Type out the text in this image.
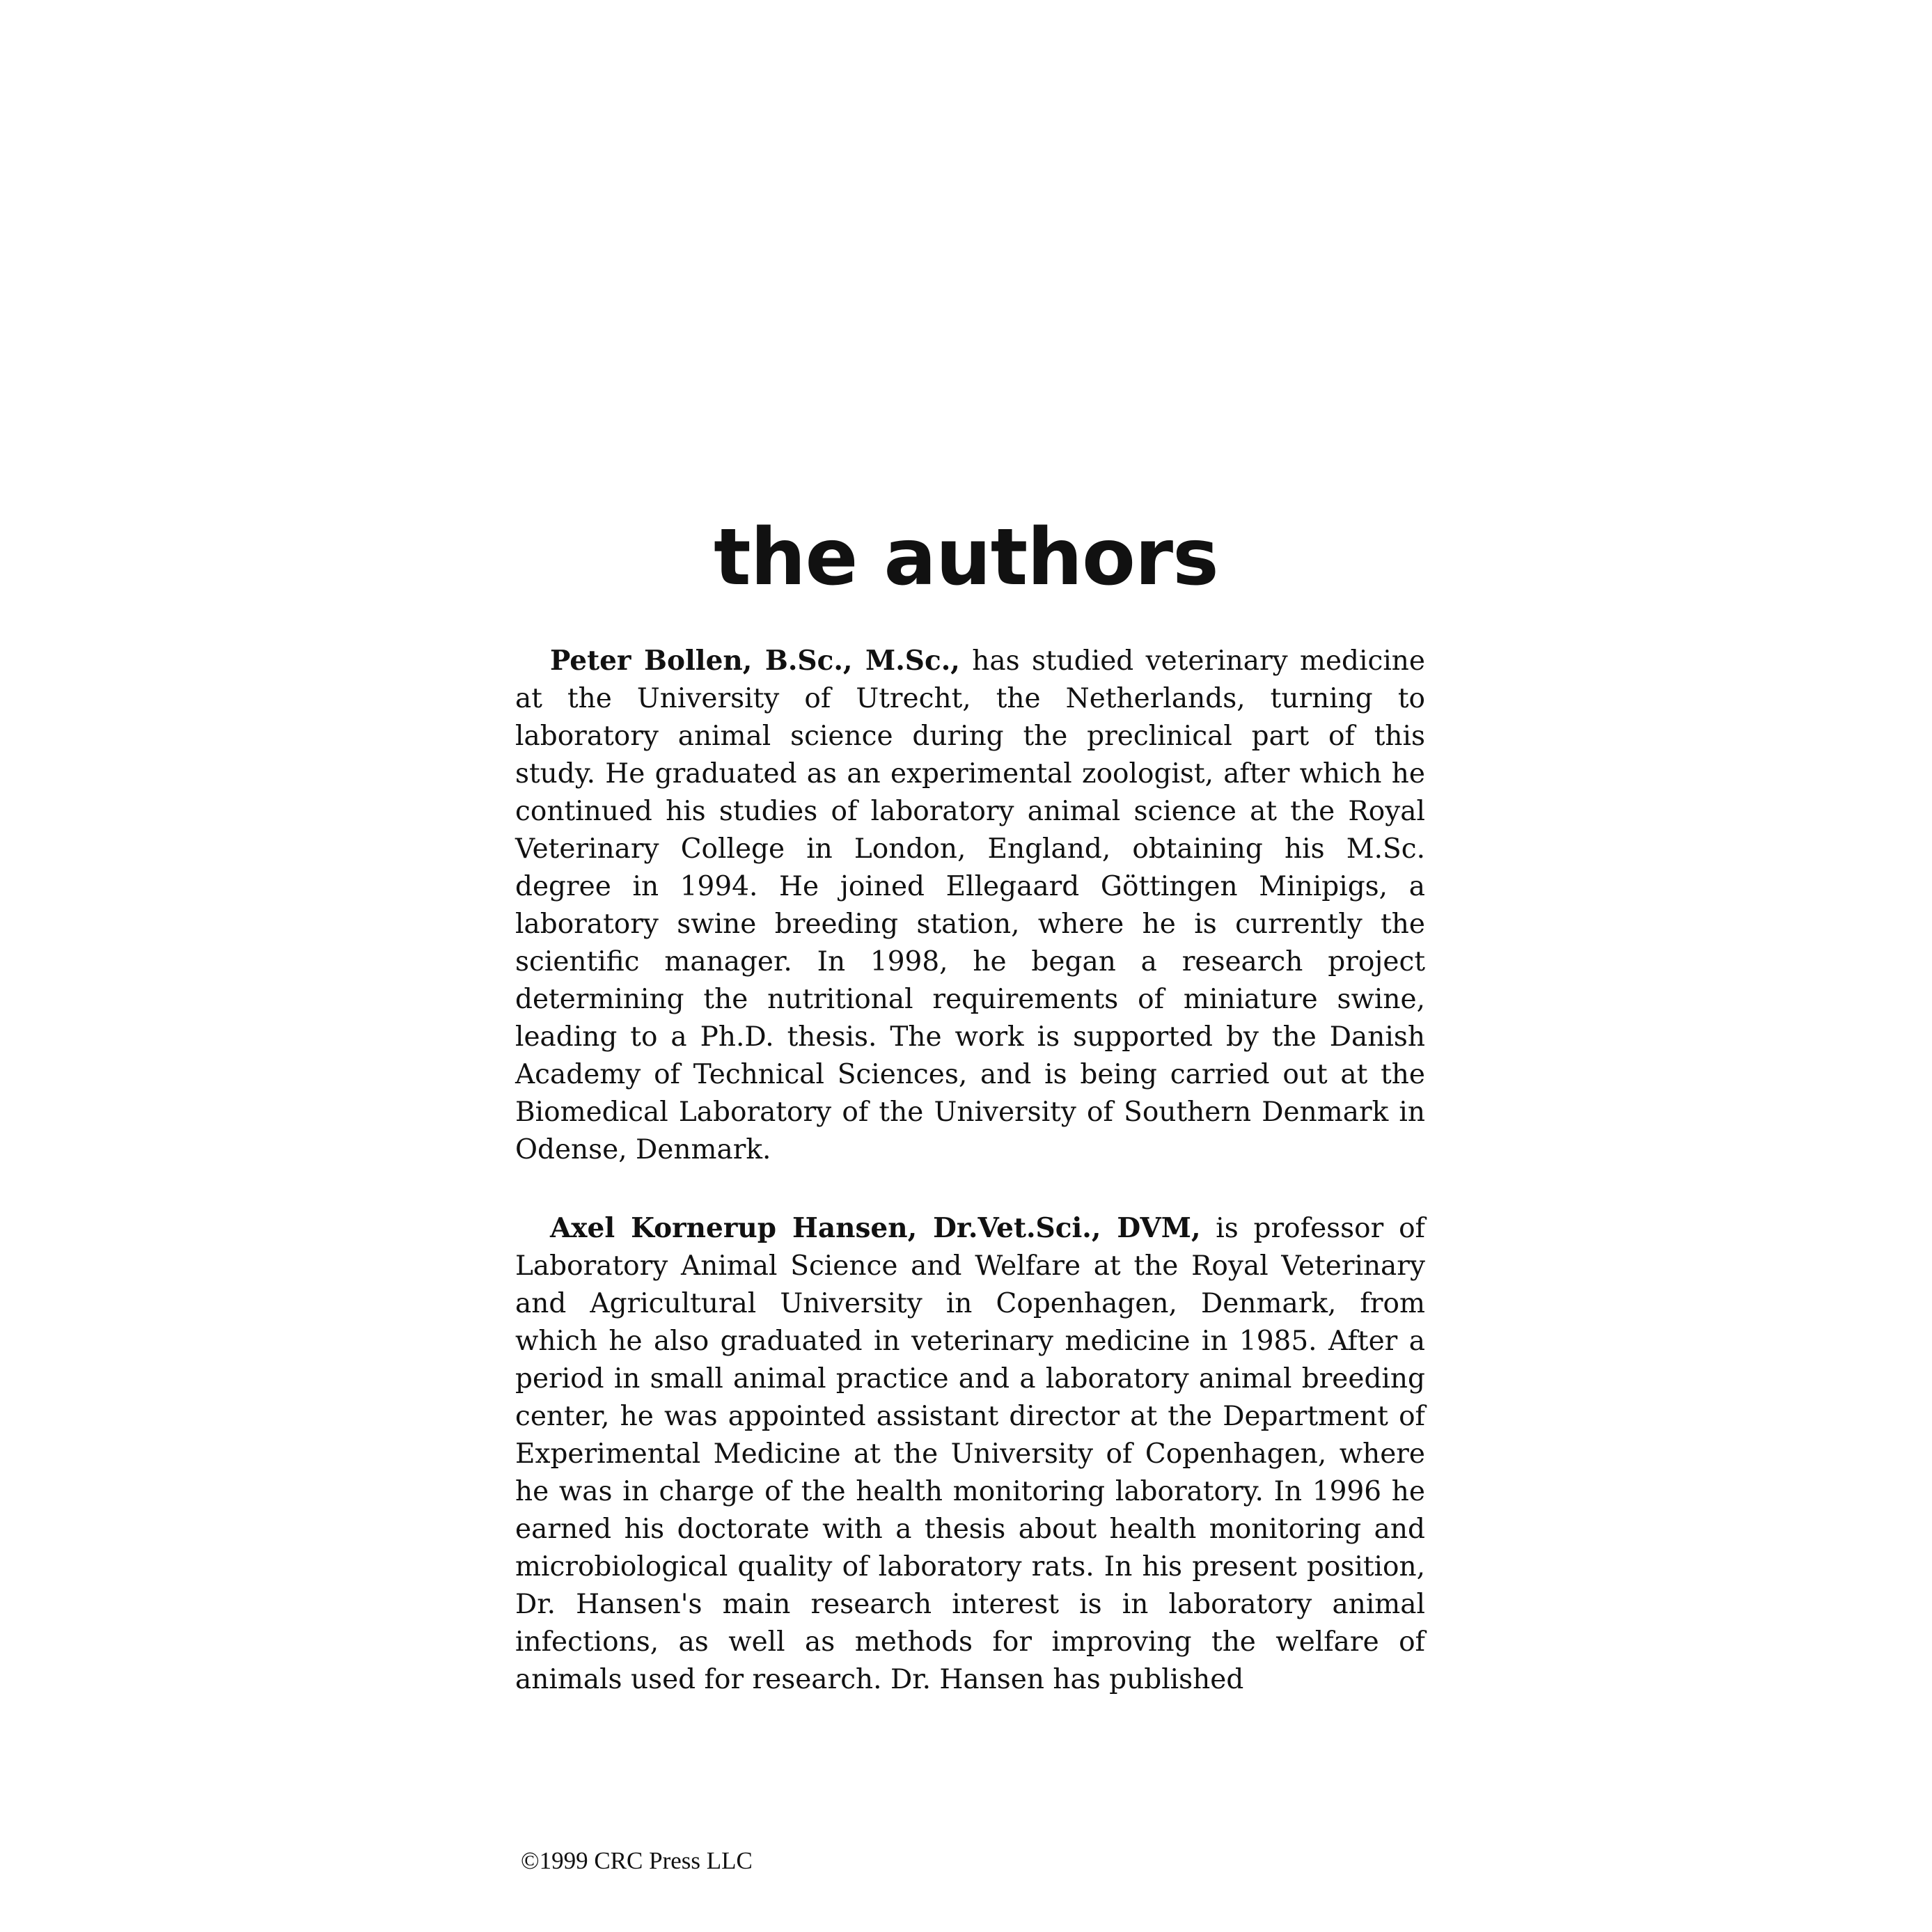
the authors

Peter Bollen, B.Sc., M.Sc., has studied veterinary medicine at the University of Utrecht, the Netherlands, turning to laboratory animal science during the preclinical part of this study. He graduated as an experimental zoologist, after which he continued his studies of laboratory animal science at the Royal Veterinary College in London, England, obtaining his M.Sc. degree in 1994. He joined Ellegaard Göttingen Minipigs, a laboratory swine breeding station, where he is currently the scientific manager. In 1998, he began a research project determining the nutritional requirements of miniature swine, leading to a Ph.D. thesis. The work is supported by the Danish Academy of Technical Sciences, and is being carried out at the Biomedical Laboratory of the University of Southern Denmark in Odense, Denmark.

Axel Kornerup Hansen, Dr.Vet.Sci., DVM, is professor of Laboratory Animal Science and Welfare at the Royal Veterinary and Agricultural University in Copenhagen, Denmark, from which he also graduated in veterinary medicine in 1985. After a period in small animal practice and a laboratory animal breeding center, he was appointed assistant director at the Department of Experimental Medicine at the University of Copenhagen, where he was in charge of the health monitoring laboratory. In 1996 he earned his doctorate with a thesis about health monitoring and microbiological quality of laboratory rats. In his present position, Dr. Hansen's main research interest is in laboratory animal infections, as well as methods for improving the welfare of animals used for research. Dr. Hansen has published

©1999 CRC Press LLC
